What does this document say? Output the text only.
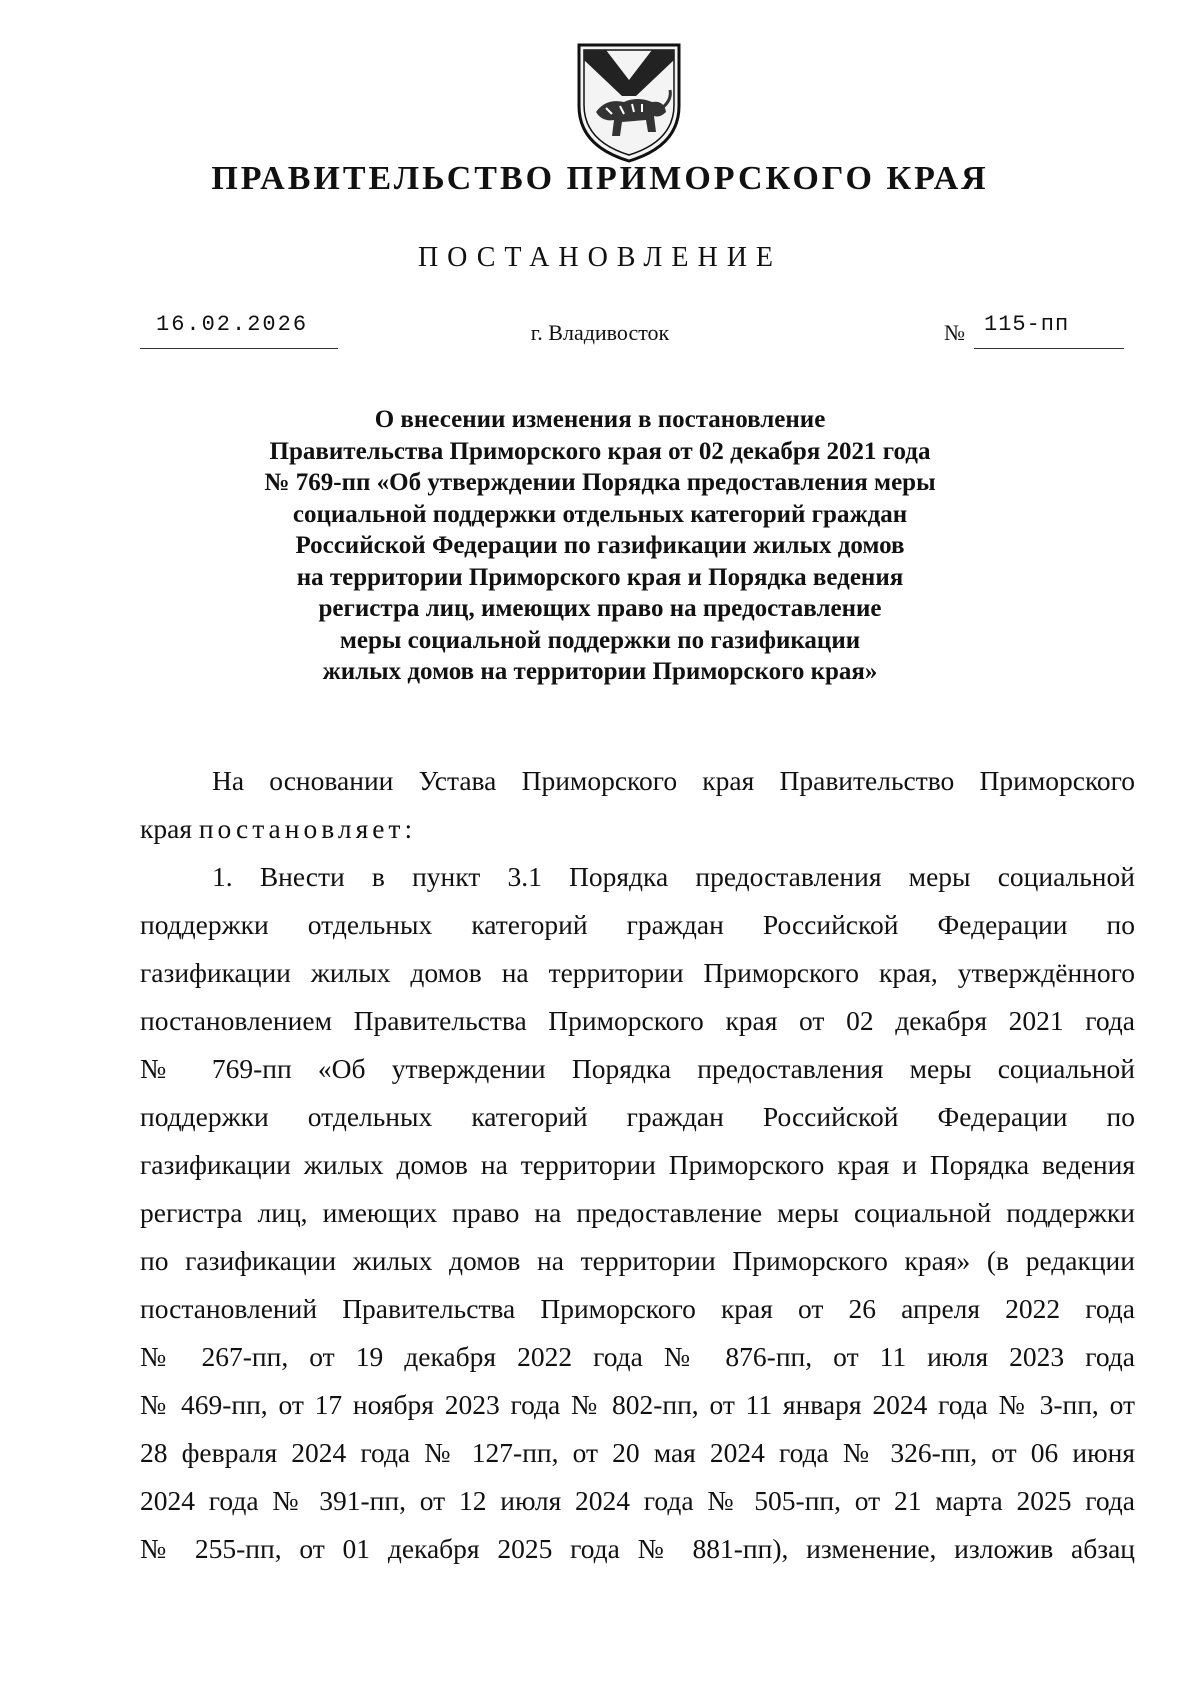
ПРАВИТЕЛЬСТВО ПРИМОРСКОГО КРАЯ
ПОСТАНОВЛЕНИЕ
16.02.2026	г. Владивосток	№ 115-пп
О внесении изменения в постановление
Правительства Приморского края от 02 декабря 2021 года
№ 769-пп «Об утверждении Порядка предоставления меры
социальной поддержки отдельных категорий граждан
Российской Федерации по газификации жилых домов
на территории Приморского края и Порядка ведения
регистра лиц, имеющих право на предоставление
меры социальной поддержки по газификации
жилых домов на территории Приморского края»
На основании Устава Приморского края Правительство Приморского
края постановляет:
1. Внести в пункт 3.1 Порядка предоставления меры социальной
поддержки отдельных категорий граждан Российской Федерации по
газификации жилых домов на территории Приморского края, утверждённого
постановлением Правительства Приморского края от 02 декабря 2021 года
№ 769-пп «Об утверждении Порядка предоставления меры социальной
поддержки отдельных категорий граждан Российской Федерации по
газификации жилых домов на территории Приморского края и Порядка ведения
регистра лиц, имеющих право на предоставление меры социальной поддержки
по газификации жилых домов на территории Приморского края» (в редакции
постановлений Правительства Приморского края от 26 апреля 2022 года
№ 267-пп, от 19 декабря 2022 года № 876-пп, от 11 июля 2023 года
№ 469-пп, от 17 ноября 2023 года № 802-пп, от 11 января 2024 года № 3-пп, от
28 февраля 2024 года № 127-пп, от 20 мая 2024 года № 326-пп, от 06 июня
2024 года № 391-пп, от 12 июля 2024 года № 505-пп, от 21 марта 2025 года
№ 255-пп, от 01 декабря 2025 года № 881-пп), изменение, изложив абзац
